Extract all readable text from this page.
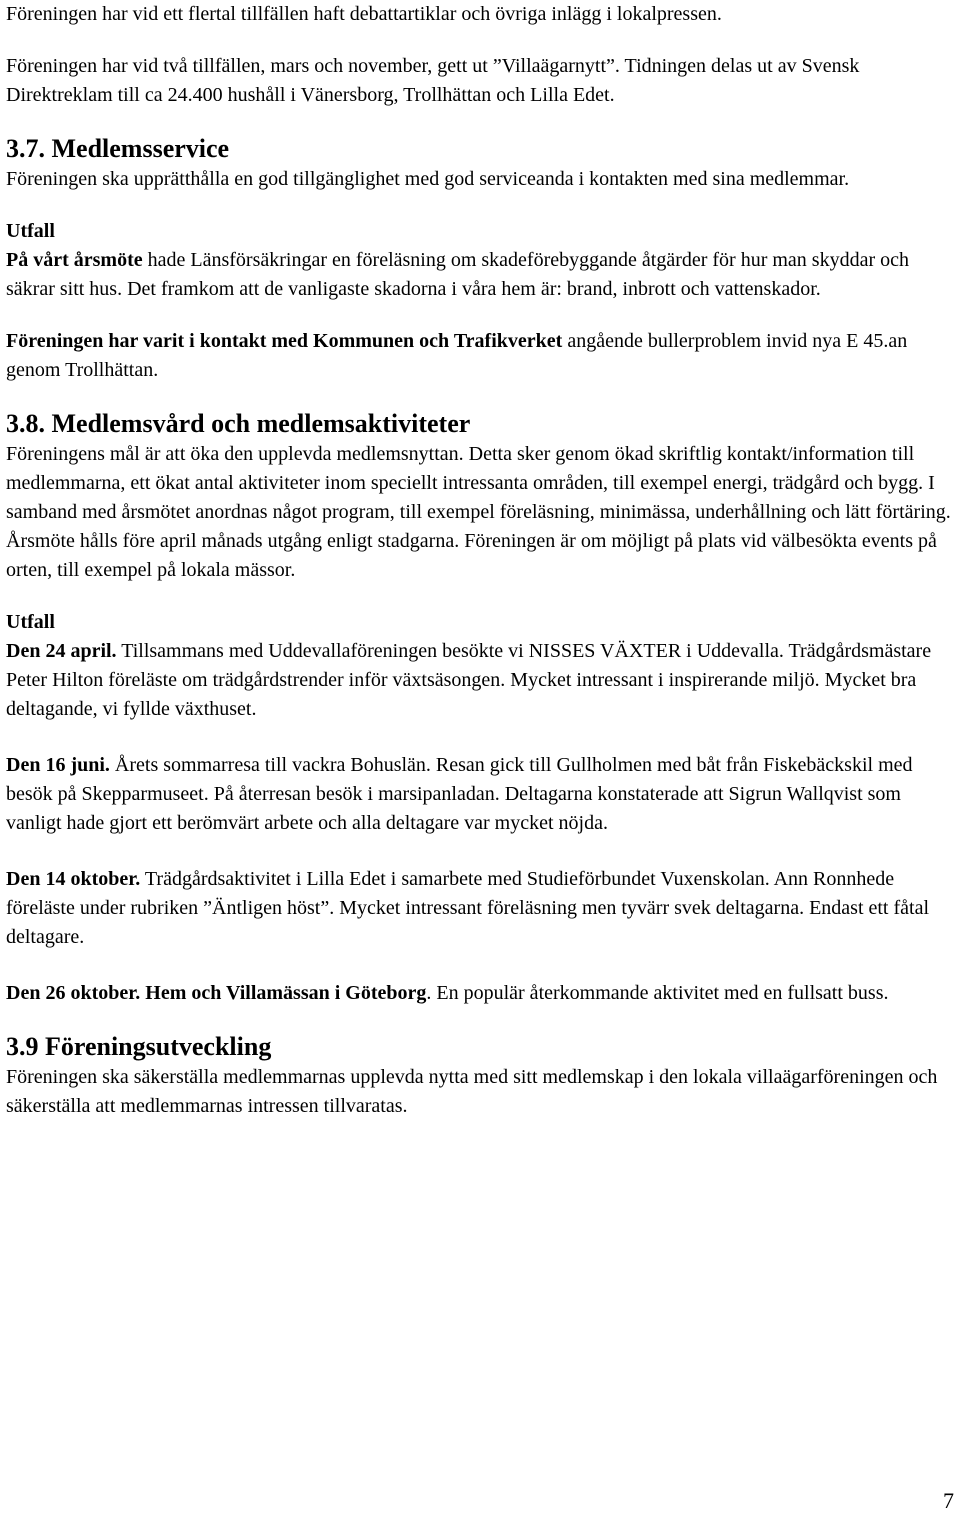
Föreningen har vid ett flertal tillfällen haft debattartiklar och övriga inlägg i lokalpressen.

Föreningen har vid två tillfällen, mars och november, gett ut ”Villaägarnytt”. Tidningen delas ut av Svensk Direktreklam till ca 24.400 hushåll i Vänersborg, Trollhättan och Lilla Edet.

3.7. Medlemsservice

Föreningen ska upprätthålla en god tillgänglighet med god serviceanda i kontakten med sina medlemmar.

Utfall

På vårt årsmöte hade Länsförsäkringar en föreläsning om skadeförebyggande åtgärder för hur man skyddar och säkrar sitt hus. Det framkom att de vanligaste skadorna i våra hem är: brand, inbrott och vattenskador.

Föreningen har varit i kontakt med Kommunen och Trafikverket angående bullerproblem invid nya E 45.an genom Trollhättan.

3.8. Medlemsvård och medlemsaktiviteter

Föreningens mål är att öka den upplevda medlemsnyttan. Detta sker genom ökad skriftlig kontakt/information till medlemmarna, ett ökat antal aktiviteter inom speciellt intressanta områden, till exempel energi, trädgård och bygg. I samband med årsmötet anordnas något program, till exempel föreläsning, minimässa, underhållning och lätt förtäring. Årsmöte hålls före april månads utgång enligt stadgarna. Föreningen är om möjligt på plats vid välbesökta events på orten, till exempel på lokala mässor.

Utfall

Den 24 april. Tillsammans med Uddevallaföreningen besökte vi NISSES VÄXTER i Uddevalla. Trädgårdsmästare Peter Hilton föreläste om trädgårdstrender inför växtsäsongen. Mycket intressant i inspirerande miljö. Mycket bra deltagande, vi fyllde växthuset.

Den 16 juni. Årets sommarresa till vackra Bohuslän. Resan gick till Gullholmen med båt från Fiskebäckskil med besök på Skepparmuseet. På återresan besök i marsipanladan. Deltagarna konstaterade att Sigrun Wallqvist som vanligt hade gjort ett berömvärt arbete och alla deltagare var mycket nöjda.

Den 14 oktober. Trädgårdsaktivitet i Lilla Edet i samarbete med Studieförbundet Vuxenskolan. Ann Ronnhede föreläste under rubriken ”Äntligen höst”. Mycket intressant föreläsning men tyvärr svek deltagarna. Endast ett fåtal deltagare.

Den 26 oktober. Hem och Villamässan i Göteborg. En populär återkommande aktivitet med en fullsatt buss.

3.9 Föreningsutveckling

Föreningen ska säkerställa medlemmarnas upplevda nytta med sitt medlemskap i den lokala villaägarföreningen och säkerställa att medlemmarnas intressen tillvaratas.

7
